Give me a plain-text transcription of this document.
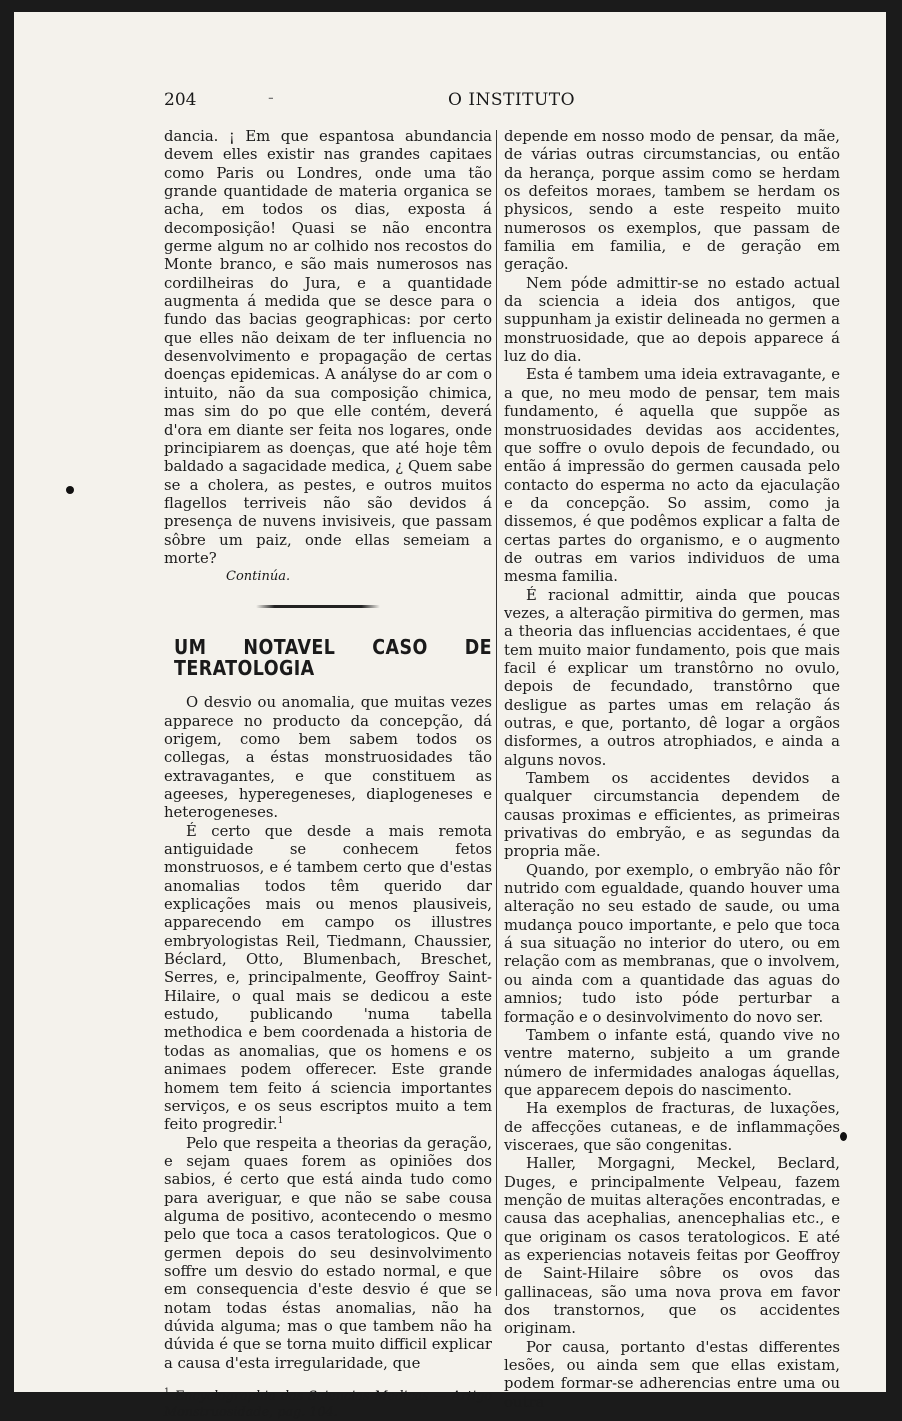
204	-	O INSTITUTO

dancia. ¡ Em que espantosa abundancia devem elles existir nas grandes capitaes como Paris ou Londres, onde uma tão grande quantidade de materia organica se acha, em todos os dias, exposta á decomposição! Quasi se não encontra germe algum no ar colhido nos recostos do Monte branco, e são mais numerosos nas cordilheiras do Jura, e a quantidade augmenta á medida que se desce para o fundo das bacias geographicas: por certo que elles não deixam de ter influencia no desenvolvimento e propagação de certas doenças epidemicas. A anályse do ar com o intuito, não da sua composição chimica, mas sim do po que elle contém, deverá d'ora em diante ser feita nos logares, onde principiarem as doenças, que até hoje têm baldado a sagacidade medica, ¿ Quem sabe se a cholera, as pestes, e outros muitos flagellos terriveis não são devidos á presença de nuvens invisiveis, que passam sôbre um paiz, onde ellas semeiam a morte?

Continúa.

UM NOTAVEL CASO DE TERATOLOGIA

O desvio ou anomalia, que muitas vezes apparece no producto da concepção, dá origem, como bem sabem todos os collegas, a éstas monstruosidades tão extravagantes, e que constituem as ageeses, hyperegeneses, diaplogeneses e heterogeneses.

É certo que desde a mais remota antiguidade se conhecem fetos monstruosos, e é tambem certo que d'estas anomalias todos têm querido dar explicações mais ou menos plausiveis, apparecendo em campo os illustres embryologistas Reil, Tiedmann, Chaussier, Béclard, Otto, Blumenbach, Breschet, Serres, e, principalmente, Geoffroy Saint-Hilaire, o qual mais se dedicou a este estudo, publicando 'numa tabella methodica e bem coordenada a historia de todas as anomalias, que os homens e os animaes podem offerecer. Este grande homem tem feito á sciencia importantes serviços, e os seus escriptos muito a tem feito progredir.$^1$

Pelo que respeita a theorias da geração, e sejam quaes forem as opiniões dos sabios, é certo que está ainda tudo como para averiguar, e que não se sabe cousa alguma de positivo, acontecendo o mesmo pelo que toca a casos teratologicos. Que o germen depois do seu desinvolvimento soffre um desvio do estado normal, e que em consequencia d'este desvio é que se notam todas éstas anomalias, não ha dúvida alguma; mas o que tambem não ha dúvida é que se torna muito difficil explicar a causa d'esta irregularidade, que

$^1$ Encyclographia das Sciencias Medicas — Artigo Monstruosidade, pag. 104.

depende em nosso modo de pensar, da mãe, de várias outras circumstancias, ou então da herança, porque assim como se herdam os defeitos moraes, tambem se herdam os physicos, sendo a este respeito muito numerosos os exemplos, que passam de familia em familia, e de geração em geração.

Nem póde admittir-se no estado actual da sciencia a ideia dos antigos, que suppunham ja existir delineada no germen a monstruosidade, que ao depois apparece á luz do dia.

Esta é tambem uma ideia extravagante, e a que, no meu modo de pensar, tem mais fundamento, é aquella que suppõe as monstruosidades devidas aos accidentes, que soffre o ovulo depois de fecundado, ou então á impressão do germen causada pelo contacto do esperma no acto da ejaculação e da concepção. So assim, como ja dissemos, é que podêmos explicar a falta de certas partes do organismo, e o augmento de outras em varios individuos de uma mesma familia.

É racional admittir, ainda que poucas vezes, a alteração pirmitiva do germen, mas a theoria das influencias accidentaes, é que tem muito maior fundamento, pois que mais facil é explicar um transtôrno no ovulo, depois de fecundado, transtôrno que desligue as partes umas em relação ás outras, e que, portanto, dê logar a orgãos disformes, a outros atrophiados, e ainda a alguns novos.

Tambem os accidentes devidos a qualquer circumstancia dependem de causas proximas e efficientes, as primeiras privativas do embryão, e as segundas da propria mãe.

Quando, por exemplo, o embryão não fôr nutrido com egualdade, quando houver uma alteração no seu estado de saude, ou uma mudança pouco importante, e pelo que toca á sua situação no interior do utero, ou em relação com as membranas, que o involvem, ou ainda com a quantidade das aguas do amnios; tudo isto póde perturbar a formação e o desinvolvimento do novo ser.

Tambem o infante está, quando vive no ventre materno, subjeito a um grande número de infermidades analogas áquellas, que apparecem depois do nascimento.

Ha exemplos de fracturas, de luxações, de affecções cutaneas, e de inflammações visceraes, que são congenitas.

Haller, Morgagni, Meckel, Beclard, Duges, e principalmente Velpeau, fazem menção de muitas alterações encontradas, e causa das acephalias, anencephalias etc., e que originam os casos teratologicos. E até as experiencias notaveis feitas por Geoffroy de Saint-Hilaire sôbre os ovos das gallinaceas, são uma nova prova em favor dos transtornos, que os accidentes originam.

Por causa, portanto d'estas differentes lesões, ou ainda sem que ellas existam, podem formar-se adherencias entre uma ou outra
